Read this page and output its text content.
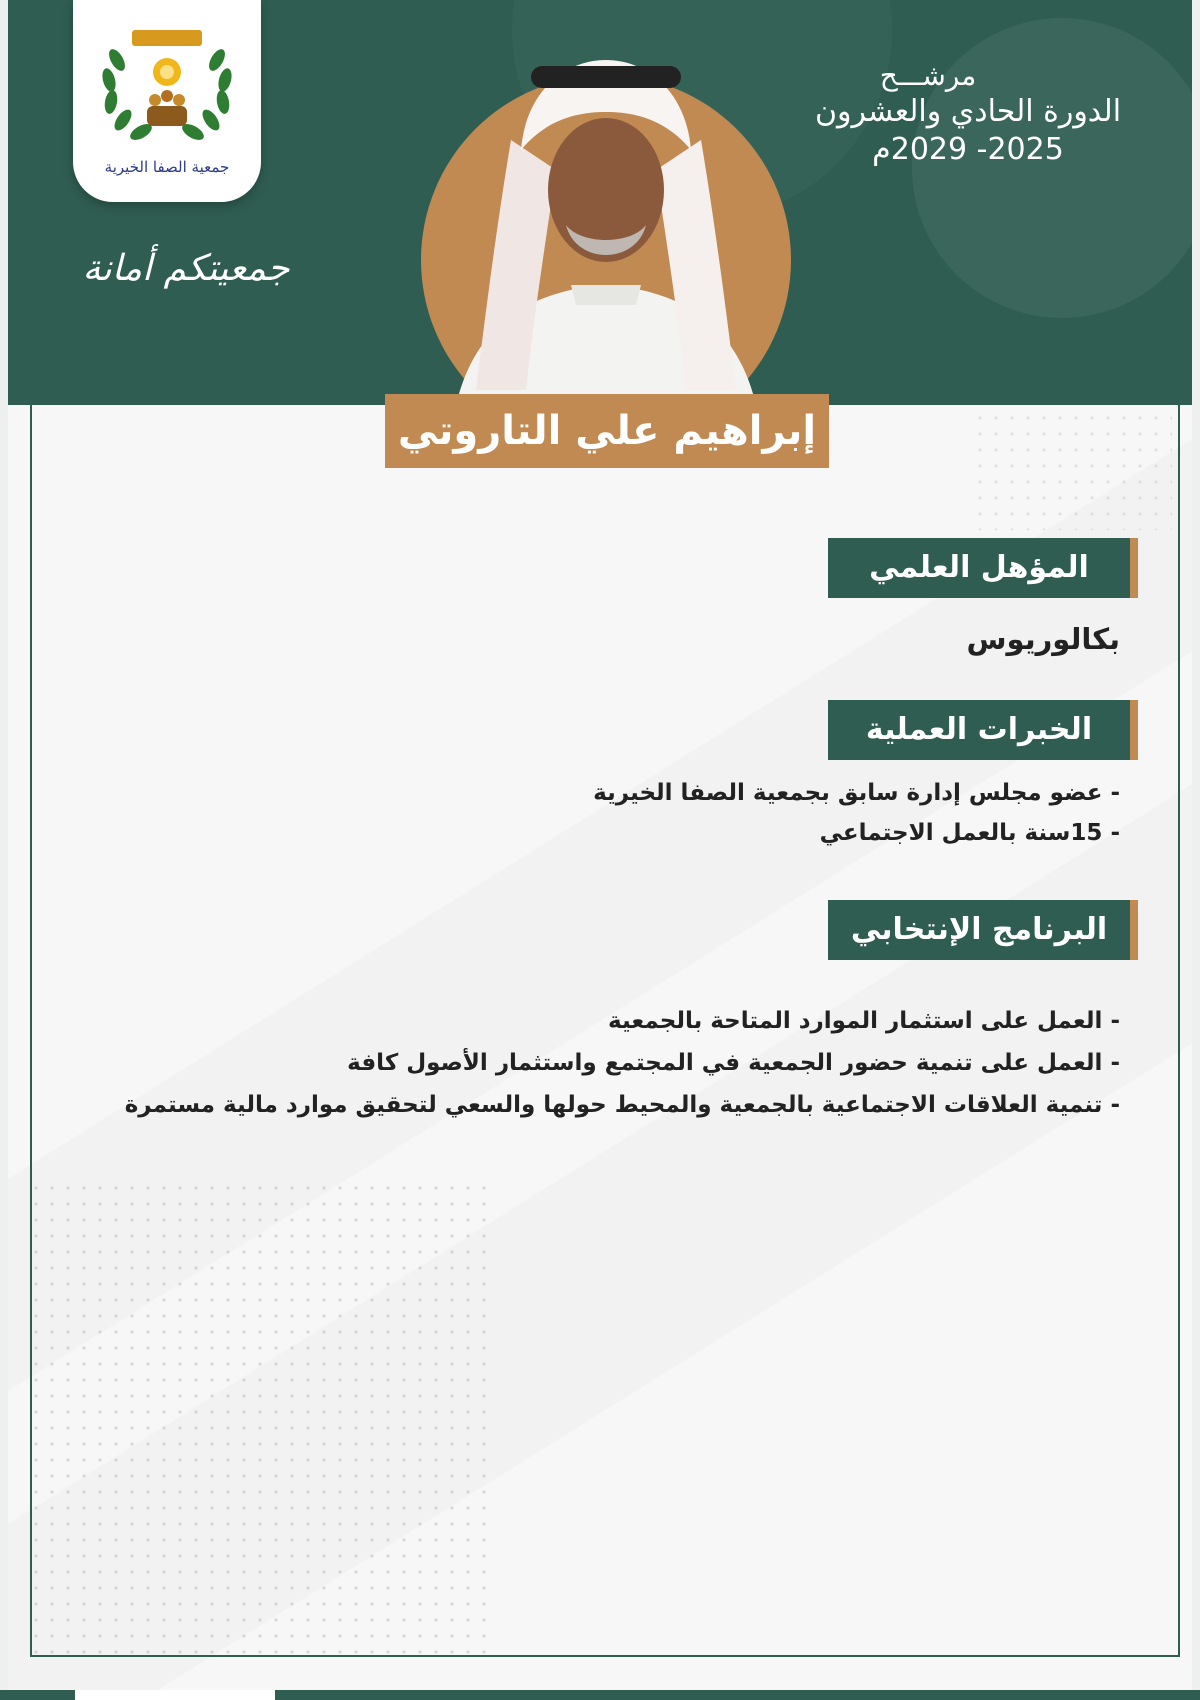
جمعية الصفا الخيرية
جمعيتكم أمانة
مرشـــح
الدورة الحادي والعشرون
2025- 2029م
إبراهيم علي التاروتي
المؤهل العلمي
بكالوريوس
الخبرات العملية
- عضو مجلس إدارة سابق بجمعية الصفا الخيرية
- 15سنة بالعمل الاجتماعي
البرنامج الإنتخابي
- العمل على استثمار الموارد المتاحة بالجمعية
- العمل على تنمية حضور الجمعية في المجتمع واستثمار الأصول كافة
- تنمية العلاقات الاجتماعية بالجمعية والمحيط حولها والسعي لتحقيق موارد مالية مستمرة
